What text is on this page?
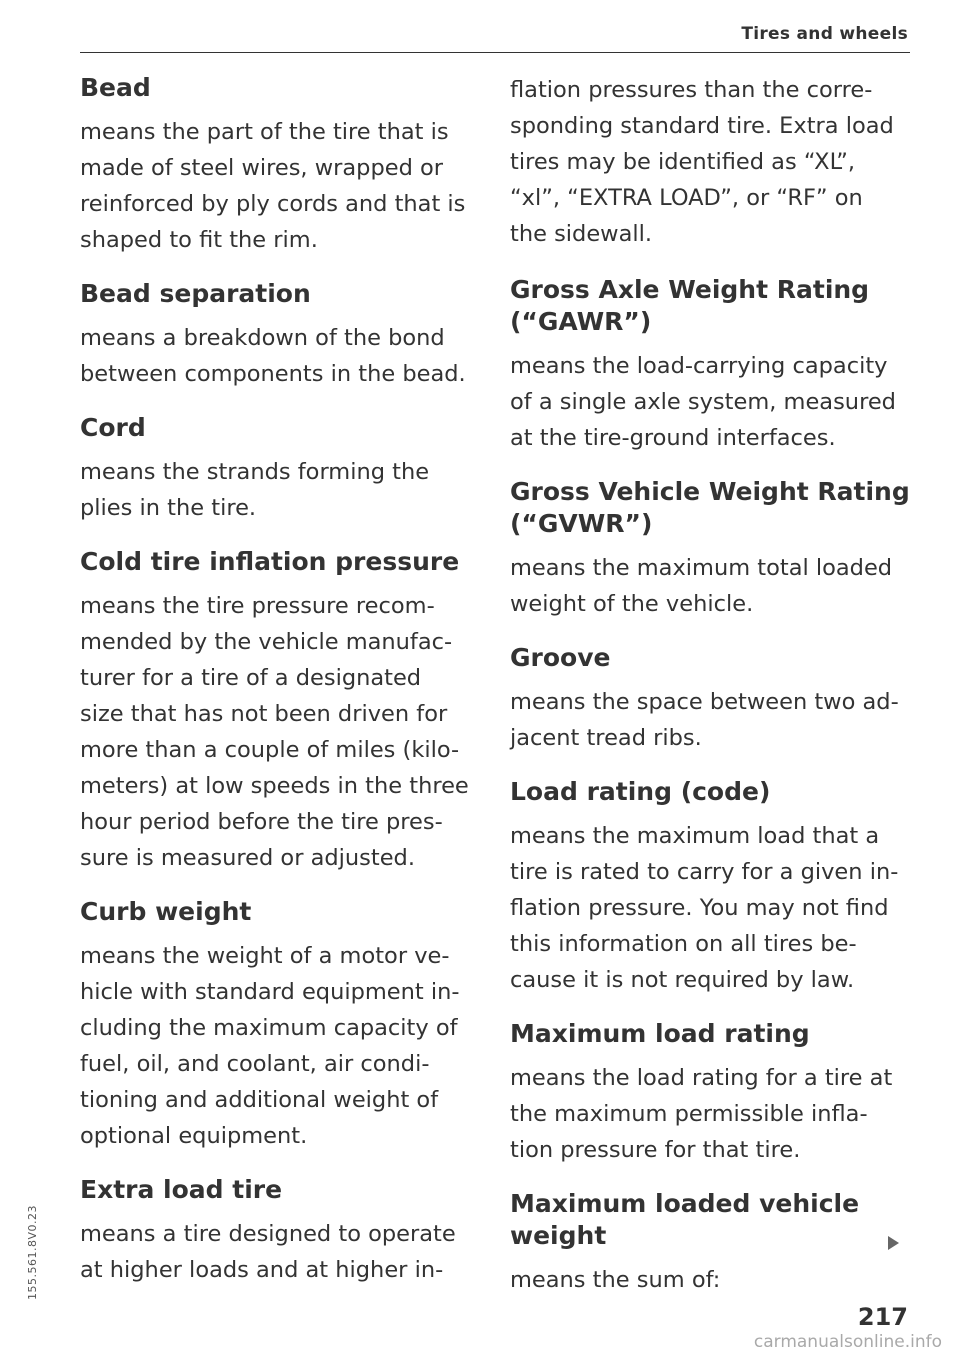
Tires and wheels
Bead
means the part of the tire that is
made of steel wires, wrapped or
reinforced by ply cords and that is
shaped to fit the rim.
Bead separation
means a breakdown of the bond
between components in the bead.
Cord
means the strands forming the
plies in the tire.
Cold tire inflation pressure
means the tire pressure recom-
mended by the vehicle manufac-
turer for a tire of a designated
size that has not been driven for
more than a couple of miles (kilo-
meters) at low speeds in the three
hour period before the tire pres-
sure is measured or adjusted.
Curb weight
means the weight of a motor ve-
hicle with standard equipment in-
cluding the maximum capacity of
fuel, oil, and coolant, air condi-
tioning and additional weight of
optional equipment.
Extra load tire
means a tire designed to operate
at higher loads and at higher in-
flation pressures than the corre-
sponding standard tire. Extra load
tires may be identified as “XL”,
“xl”, “EXTRA LOAD”, or “RF” on
the sidewall.
Gross Axle Weight Rating
(“GAWR”)
means the load-carrying capacity
of a single axle system, measured
at the tire-ground interfaces.
Gross Vehicle Weight Rating
(“GVWR”)
means the maximum total loaded
weight of the vehicle.
Groove
means the space between two ad-
jacent tread ribs.
Load rating (code)
means the maximum load that a
tire is rated to carry for a given in-
flation pressure. You may not find
this information on all tires be-
cause it is not required by law.
Maximum load rating
means the load rating for a tire at
the maximum permissible infla-
tion pressure for that tire.
Maximum loaded vehicle
weight
means the sum of:
155.561.8V0.23
217
carmanualsonline.info
